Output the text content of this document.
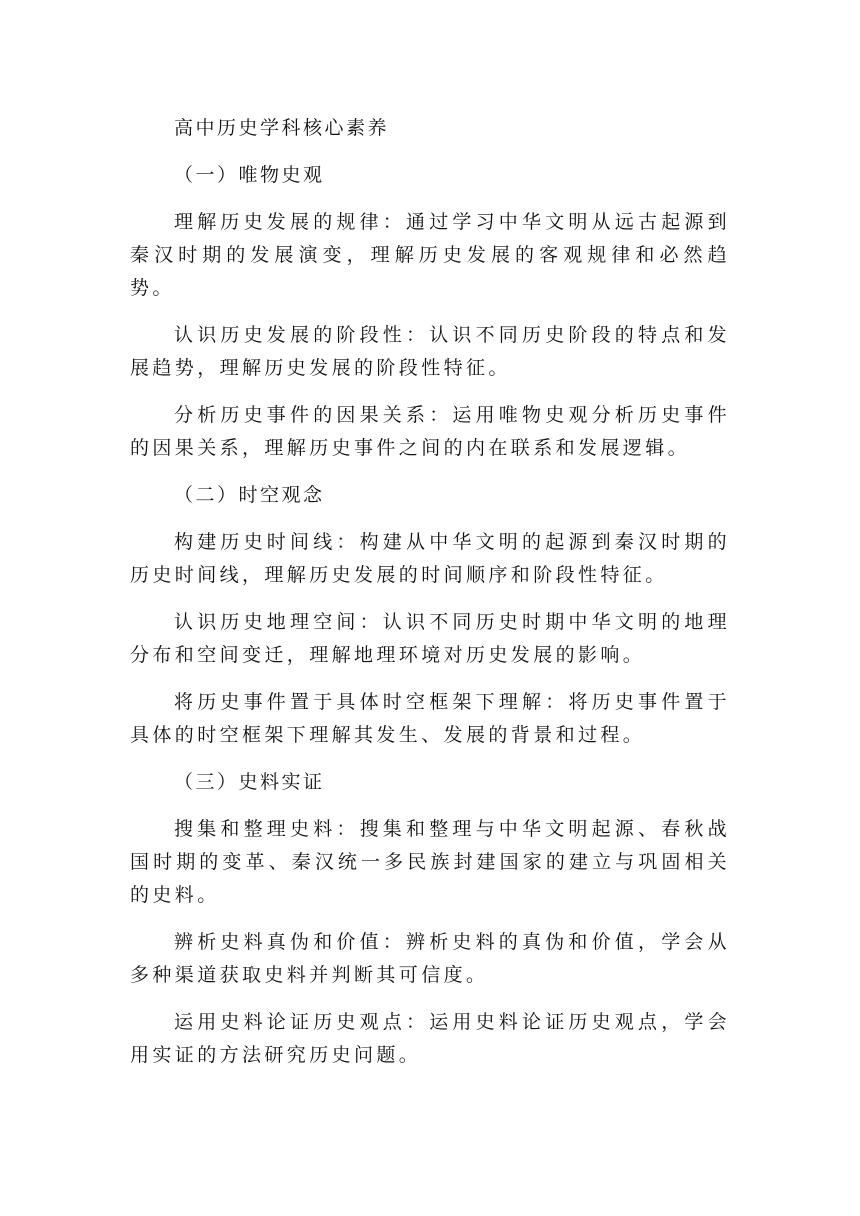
高中历史学科核心素养

（一）唯物史观

理解历史发展的规律：通过学习中华文明从远古起源到秦汉时期的发展演变，理解历史发展的客观规律和必然趋势。

认识历史发展的阶段性：认识不同历史阶段的特点和发展趋势，理解历史发展的阶段性特征。

分析历史事件的因果关系：运用唯物史观分析历史事件的因果关系，理解历史事件之间的内在联系和发展逻辑。

（二）时空观念

构建历史时间线：构建从中华文明的起源到秦汉时期的历史时间线，理解历史发展的时间顺序和阶段性特征。

认识历史地理空间：认识不同历史时期中华文明的地理分布和空间变迁，理解地理环境对历史发展的影响。

将历史事件置于具体时空框架下理解：将历史事件置于具体的时空框架下理解其发生、发展的背景和过程。

（三）史料实证

搜集和整理史料：搜集和整理与中华文明起源、春秋战国时期的变革、秦汉统一多民族封建国家的建立与巩固相关的史料。

辨析史料真伪和价值：辨析史料的真伪和价值，学会从多种渠道获取史料并判断其可信度。

运用史料论证历史观点：运用史料论证历史观点，学会用实证的方法研究历史问题。
